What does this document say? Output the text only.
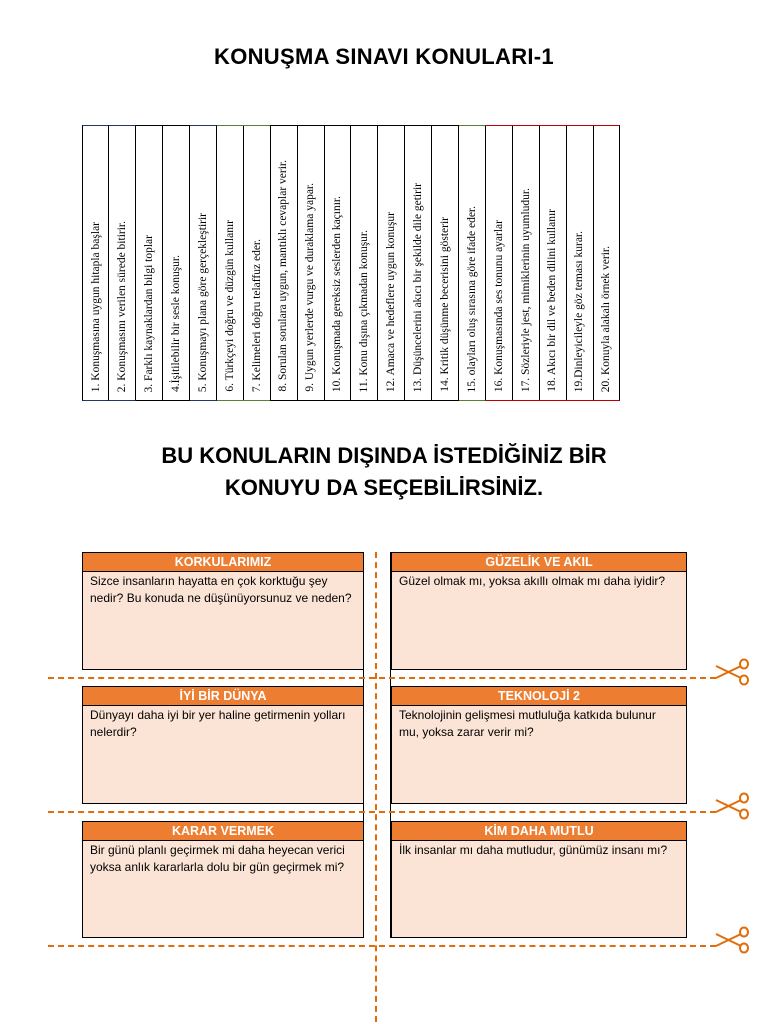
KONUŞMA SINAVI KONULARI-1
1. Konuşmasına uygun hitapla başlar	2. Konuşmasını verilen sürede bitirir.	3. Farklı kaynaklardan bilgi toplar	4.İşitilebilir bir sesle konuşur.	5. Konuşmayı plana göre gerçekleştirir	6. Türkçeyi doğru ve düzgün kullanır	7. Kelimeleri doğru telaffuz eder.	8. Sorulan sorulara uygun, mantıklı cevaplar verir.	9. Uygun yerlerde vurgu ve duraklama yapar.	10. Konuşmada gereksiz seslerden kaçınır.	11. Konu dışına çıkmadan konuşur.	12. Amaca ve hedeflere uygun konuşur	13. Düşüncelerini akıcı bir şekilde dile getirir	14. Kritik düşünme becerisini gösterir	15. olayları oluş sırasına göre ifade eder.	16. Konuşmasında ses tonunu ayarlar	17. Sözleriyle jest, mimiklerinin uyumludur.	18. Akıcı bir dil ve beden dilini kullanır	19.Dinleyicileyle göz teması kurar.	20. Konuyla alakalı örnek verir.
BU KONULARIN DIŞINDA İSTEDİĞİNİZ BİR
KONUYU DA SEÇEBİLİRSİNİZ.
KORKULARIMIZ
Sizce insanların hayatta en çok korktuğu şey nedir? Bu konuda ne düşünüyorsunuz ve neden?
GÜZELİK VE AKIL
Güzel olmak mı, yoksa akıllı olmak mı daha iyidir?
İYİ BİR DÜNYA
Dünyayı daha iyi bir yer haline getirmenin yolları nelerdir?
TEKNOLOJİ 2
Teknolojinin gelişmesi mutluluğa katkıda bulunur mu, yoksa zarar verir mi?
KARAR VERMEK
Bir günü planlı geçirmek mi daha heyecan verici yoksa anlık kararlarla dolu bir gün geçirmek mi?
KİM DAHA MUTLU
İlk insanlar mı daha mutludur, günümüz insanı mı?
